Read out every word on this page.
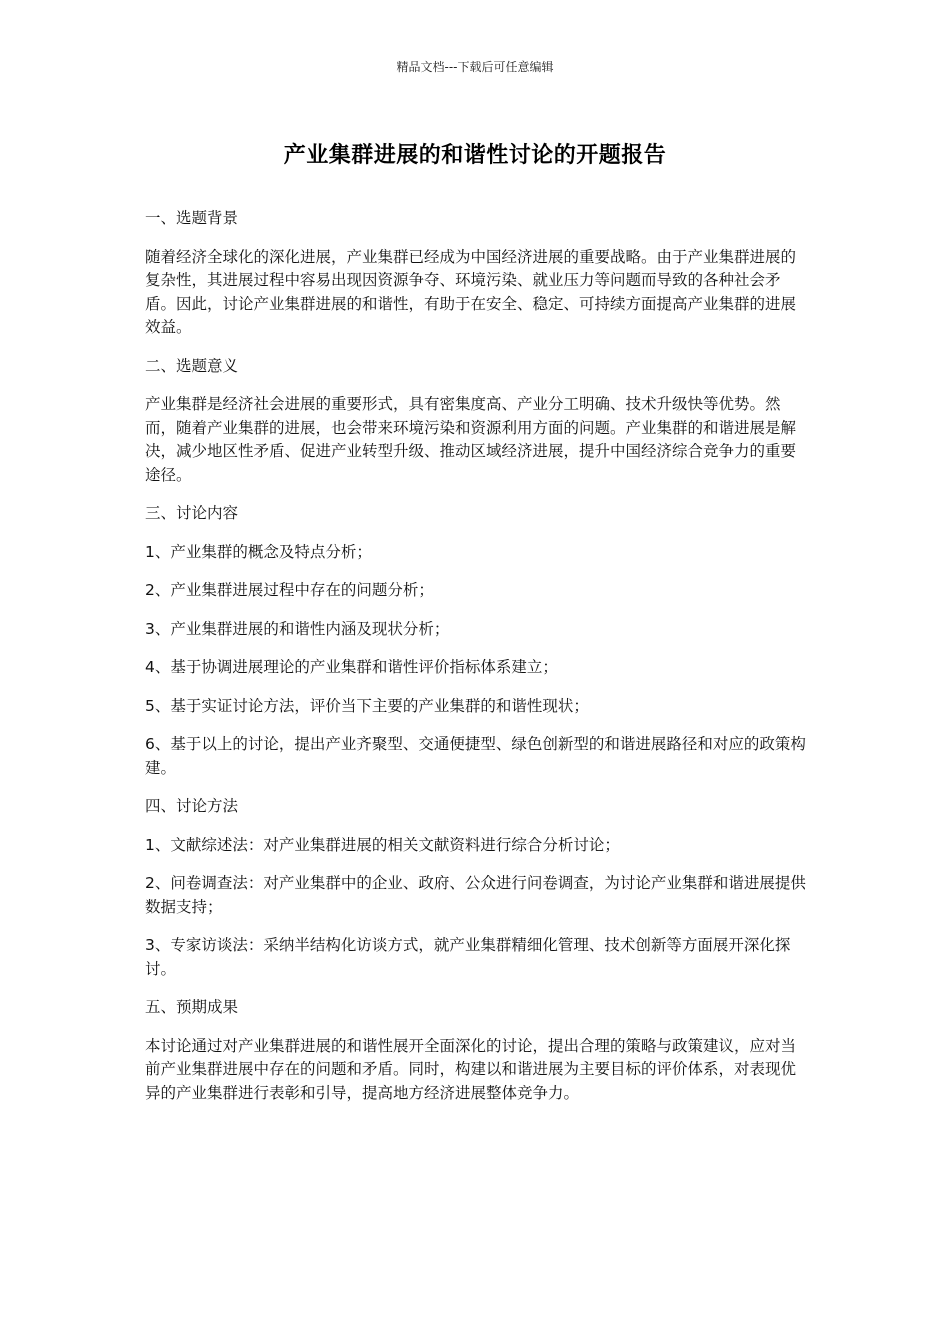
精品文档---下载后可任意编辑
产业集群进展的和谐性讨论的开题报告

一、选题背景

随着经济全球化的深化进展，产业集群已经成为中国经济进展的重要战略。由于产业集群进展的复杂性，其进展过程中容易出现因资源争夺、环境污染、就业压力等问题而导致的各种社会矛盾。因此，讨论产业集群进展的和谐性，有助于在安全、稳定、可持续方面提高产业集群的进展效益。

二、选题意义

产业集群是经济社会进展的重要形式，具有密集度高、产业分工明确、技术升级快等优势。然而，随着产业集群的进展，也会带来环境污染和资源利用方面的问题。产业集群的和谐进展是解决，减少地区性矛盾、促进产业转型升级、推动区域经济进展，提升中国经济综合竞争力的重要途径。

三、讨论内容

1、产业集群的概念及特点分析；

2、产业集群进展过程中存在的问题分析；

3、产业集群进展的和谐性内涵及现状分析；

4、基于协调进展理论的产业集群和谐性评价指标体系建立；

5、基于实证讨论方法，评价当下主要的产业集群的和谐性现状；

6、基于以上的讨论，提出产业齐聚型、交通便捷型、绿色创新型的和谐进展路径和对应的政策构建。

四、讨论方法

1、文献综述法：对产业集群进展的相关文献资料进行综合分析讨论；

2、问卷调查法：对产业集群中的企业、政府、公众进行问卷调查，为讨论产业集群和谐进展提供数据支持；

3、专家访谈法：采纳半结构化访谈方式，就产业集群精细化管理、技术创新等方面展开深化探讨。

五、预期成果

本讨论通过对产业集群进展的和谐性展开全面深化的讨论，提出合理的策略与政策建议，应对当前产业集群进展中存在的问题和矛盾。同时，构建以和谐进展为主要目标的评价体系，对表现优异的产业集群进行表彰和引导，提高地方经济进展整体竞争力。
